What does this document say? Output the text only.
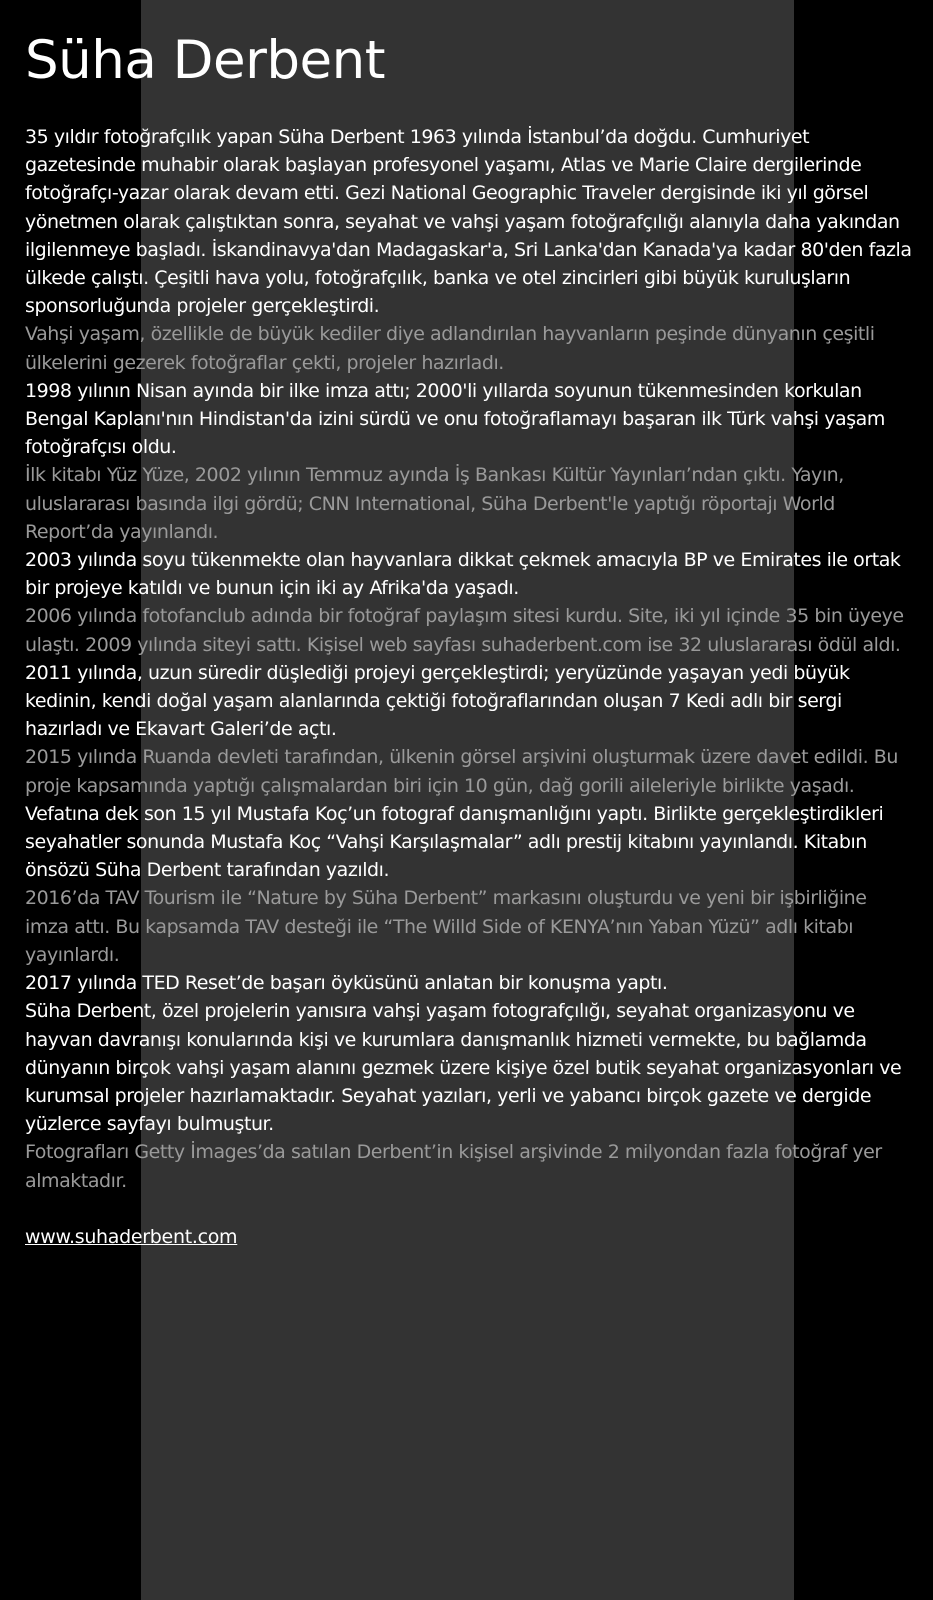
Süha Derbent

35 yıldır fotoğrafçılık yapan Süha Derbent 1963 yılında İstanbul’da doğdu. Cumhuriyet gazetesinde muhabir olarak başlayan profesyonel yaşamı, Atlas ve Marie Claire dergilerinde fotoğrafçı-yazar olarak devam etti. Gezi National Geographic Traveler dergisinde iki yıl görsel yönetmen olarak çalıştıktan sonra, seyahat ve vahşi yaşam fotoğrafçılığı alanıyla daha yakından ilgilenmeye başladı. İskandinavya'dan Madagaskar'a, Sri Lanka'dan Kanada'ya kadar 80'den fazla ülkede çalıştı. Çeşitli hava yolu, fotoğrafçılık, banka ve otel zincirleri gibi büyük kuruluşların sponsorluğunda projeler gerçekleştirdi.

Vahşi yaşam, özellikle de büyük kediler diye adlandırılan hayvanların peşinde dünyanın çeşitli ülkelerini gezerek fotoğraflar çekti, projeler hazırladı.

1998 yılının Nisan ayında bir ilke imza attı; 2000'li yıllarda soyunun tükenmesinden korkulan Bengal Kaplanı'nın Hindistan'da izini sürdü ve onu fotoğraflamayı başaran ilk Türk vahşi yaşam fotoğrafçısı oldu.

İlk kitabı Yüz Yüze, 2002 yılının Temmuz ayında İş Bankası Kültür Yayınları’ndan çıktı. Yayın, uluslararası basında ilgi gördü; CNN International, Süha Derbent'le yaptığı röportajı World Report’da yayınlandı.

2003 yılında soyu tükenmekte olan hayvanlara dikkat çekmek amacıyla BP ve Emirates ile ortak bir projeye katıldı ve bunun için iki ay Afrika'da yaşadı.

2006 yılında fotofanclub adında bir fotoğraf paylaşım sitesi kurdu. Site, iki yıl içinde 35 bin üyeye ulaştı. 2009 yılında siteyi sattı. Kişisel web sayfası suhaderbent.com ise 32 uluslararası ödül aldı.

2011 yılında, uzun süredir düşlediği projeyi gerçekleştirdi; yeryüzünde yaşayan yedi büyük kedinin, kendi doğal yaşam alanlarında çektiği fotoğraflarından oluşan 7 Kedi adlı bir sergi hazırladı ve Ekavart Galeri’de açtı.

2015 yılında Ruanda devleti tarafından, ülkenin görsel arşivini oluşturmak üzere davet edildi. Bu proje kapsamında yaptığı çalışmalardan biri için 10 gün, dağ gorili aileleriyle birlikte yaşadı.

Vefatına dek son 15 yıl Mustafa Koç’un fotograf danışmanlığını yaptı. Birlikte gerçekleştirdikleri seyahatler sonunda Mustafa Koç “Vahşi Karşılaşmalar” adlı prestij kitabını yayınlandı. Kitabın önsözü Süha Derbent tarafından yazıldı.

2016’da TAV Tourism ile “Nature by Süha Derbent” markasını oluşturdu ve yeni bir işbirliğine imza attı. Bu kapsamda TAV desteği ile “The Willd Side of KENYA’nın Yaban Yüzü” adlı kitabı yayınlardı.

2017 yılında TED Reset’de başarı öyküsünü anlatan bir konuşma yaptı.

Süha Derbent, özel projelerin yanısıra vahşi yaşam fotografçılığı, seyahat organizasyonu ve hayvan davranışı konularında kişi ve kurumlara danışmanlık hizmeti vermekte, bu bağlamda dünyanın birçok vahşi yaşam alanını gezmek üzere kişiye özel butik seyahat organizasyonları ve kurumsal projeler hazırlamaktadır. Seyahat yazıları, yerli ve yabancı birçok gazete ve dergide yüzlerce sayfayı bulmuştur.

Fotografları Getty İmages’da satılan Derbent’in kişisel arşivinde 2 milyondan fazla fotoğraf yer almaktadır.

www.suhaderbent.com
